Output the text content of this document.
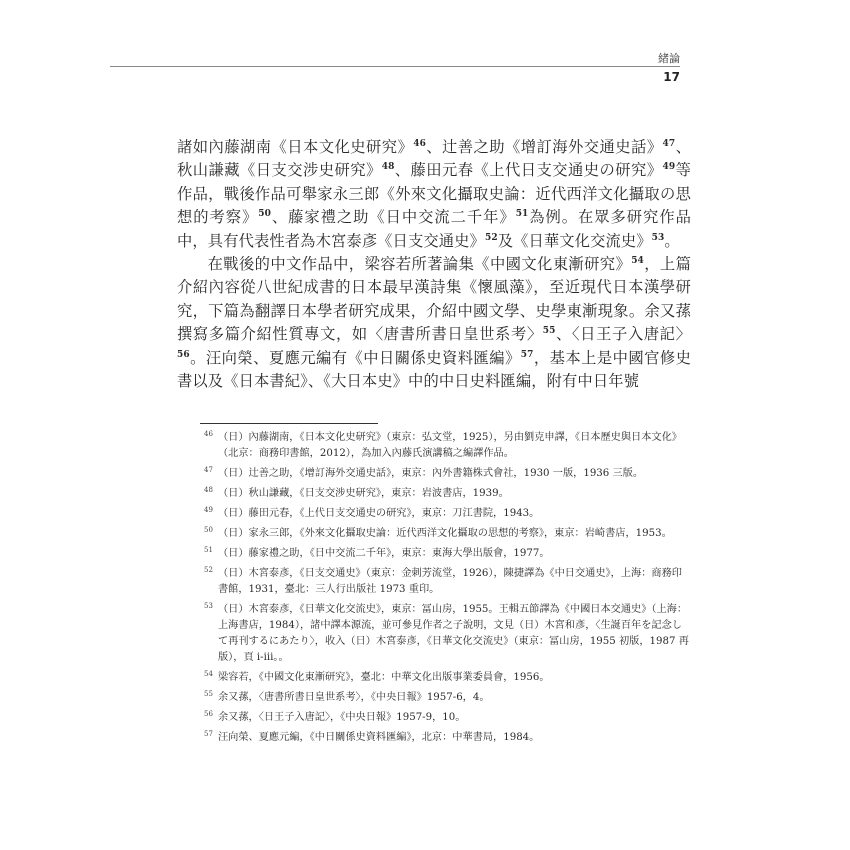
緒論
17

諸如內藤湖南《日本文化史研究》$^{46}$、辻善之助《增訂海外交通史話》$^{47}$、秋山謙藏《日支交涉史研究》$^{48}$、藤田元春《上代日支交通史の研究》$^{49}$等作品，戰後作品可舉家永三郎《外來文化攝取史論：近代西洋文化攝取の思想的考察》$^{50}$、藤家禮之助《日中交流二千年》$^{51}$為例。在眾多研究作品中，具有代表性者為木宮泰彥《日支交通史》$^{52}$及《日華文化交流史》$^{53}$。

在戰後的中文作品中，梁容若所著論集《中國文化東漸研究》$^{54}$，上篇介紹內容從八世紀成書的日本最早漢詩集《懷風藻》，至近現代日本漢學研究，下篇為翻譯日本學者研究成果，介紹中國文學、史學東漸現象。余又蓀撰寫多篇介紹性質專文，如〈唐書所書日皇世系考〉$^{55}$、〈日王子入唐記〉$^{56}$。汪向榮、夏應元編有《中日關係史資料匯編》$^{57}$，基本上是中國官修史書以及《日本書紀》、《大日本史》中的中日史料匯編，附有中日年號

46 （日）內藤湖南，《日本文化史研究》（東京：弘文堂，1925），另由劉克申譯，《日本歷史與日本文化》（北京：商務印書館，2012），為加入內藤氏演講稿之編譯作品。

47 （日）辻善之助，《增訂海外交通史話》，東京：內外書籍株式會社，1930 一版，1936 三版。

48 （日）秋山謙藏，《日支交涉史研究》，東京：岩波書店，1939。

49 （日）藤田元春，《上代日支交通史の研究》，東京：刀江書院，1943。

50 （日）家永三郎，《外來文化攝取史論：近代西洋文化攝取の思想的考察》，東京：岩崎書店，1953。

51 （日）藤家禮之助，《日中交流二千年》，東京：東海大學出版會，1977。

52 （日）木宮泰彥，《日支交通史》（東京：金刺芳流堂，1926），陳捷譯為《中日交通史》，上海：商務印書館，1931，臺北：三人行出版社 1973 重印。

53 （日）木宮泰彥，《日華文化交流史》，東京：冨山房，1955。王輯五節譯為《中國日本交通史》（上海：上海書店，1984），諸中譯本源流，並可參見作者之子說明，文見（日）木宮和彥，〈生誕百年を記念して再刊するにあたり〉，收入（日）木宮泰彥，《日華文化交流史》（東京：冨山房，1955 初版，1987 再版），頁 i-iii。。

54 梁容若，《中國文化東漸研究》，臺北：中華文化出版事業委員會，1956。

55 余又蓀，〈唐書所書日皇世系考〉，《中央日報》1957-6，4。

56 余又蓀，〈日王子入唐記〉，《中央日報》1957-9，10。

57 汪向榮、夏應元編，《中日關係史資料匯編》，北京：中華書局，1984。
